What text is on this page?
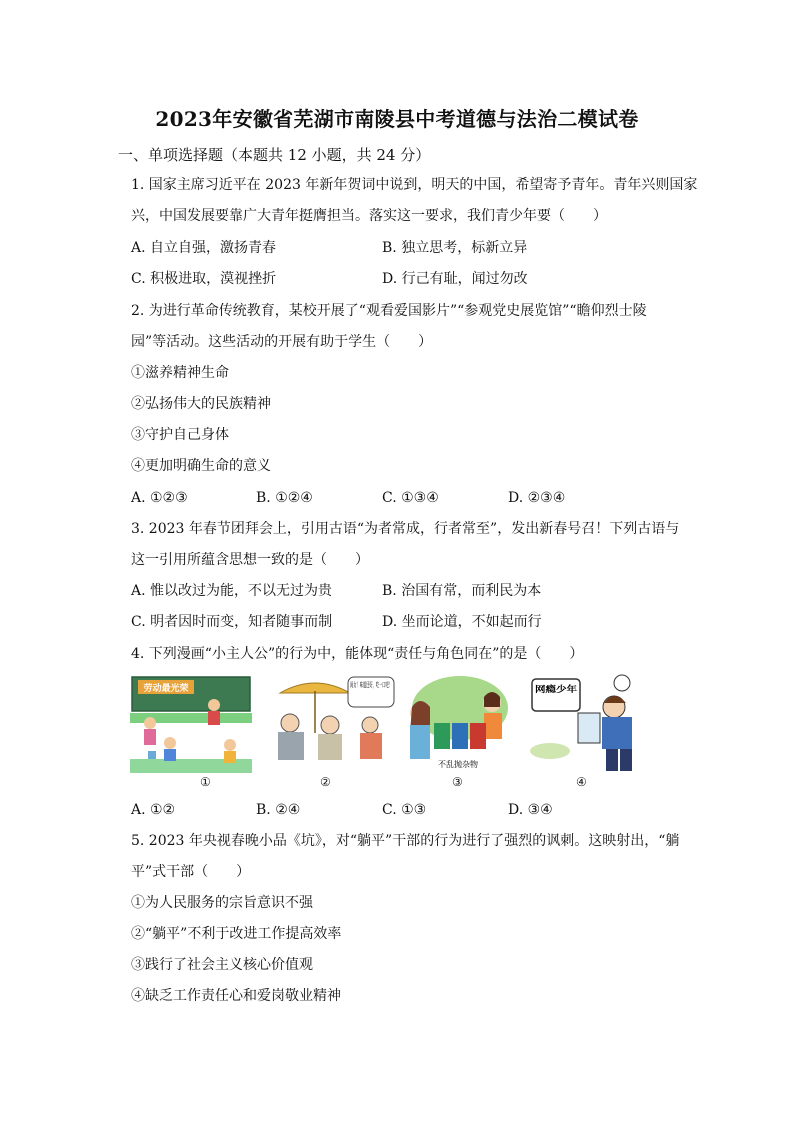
2023年安徽省芜湖市南陵县中考道德与法治二模试卷
一、单项选择题（本题共 12 小题，共 24 分）
1. 国家主席习近平在 2023 年新年贺词中说到，明天的中国，希望寄予青年。青年兴则国家
兴，中国发展要靠广大青年挺膺担当。落实这一要求，我们青少年要（　　）
A. 自立自强，激扬青春	B. 独立思考，标新立异
C. 积极进取，漠视挫折	D. 行己有耻，闻过勿改
2. 为进行革命传统教育，某校开展了“观看爱国影片”“参观党史展览馆”“瞻仰烈士陵
园”等活动。这些活动的开展有助于学生（　　）
①滋养精神生命
②弘扬伟大的民族精神
③守护自己身体
④更加明确生命的意义
A. ①②③	B. ①②④	C. ①③④	D. ②③④
3. 2023 年春节团拜会上，引用古语“为者常成，行者常至”，发出新春号召！下列古语与
这一引用所蕴含思想一致的是（　　）
A. 惟以改过为能，不以无过为贵	B. 治国有常，而利民为本
C. 明者因时而变，知者随事而制	D. 坐而论道，不如起而行
4. 下列漫画“小主人公”的行为中，能体现“责任与角色同在”的是（　　）
劳动最光荣	闺女！味道还好，吃一口吧！
不乱抛杂物
网瘾少年
①	②	③	④
A. ①②	B. ②④	C. ①③	D. ③④
5. 2023 年央视春晚小品《坑》，对“躺平”干部的行为进行了强烈的讽刺。这映射出，“躺
平”式干部（　　）
①为人民服务的宗旨意识不强
②“躺平”不利于改进工作提高效率
③践行了社会主义核心价值观
④缺乏工作责任心和爱岗敬业精神
